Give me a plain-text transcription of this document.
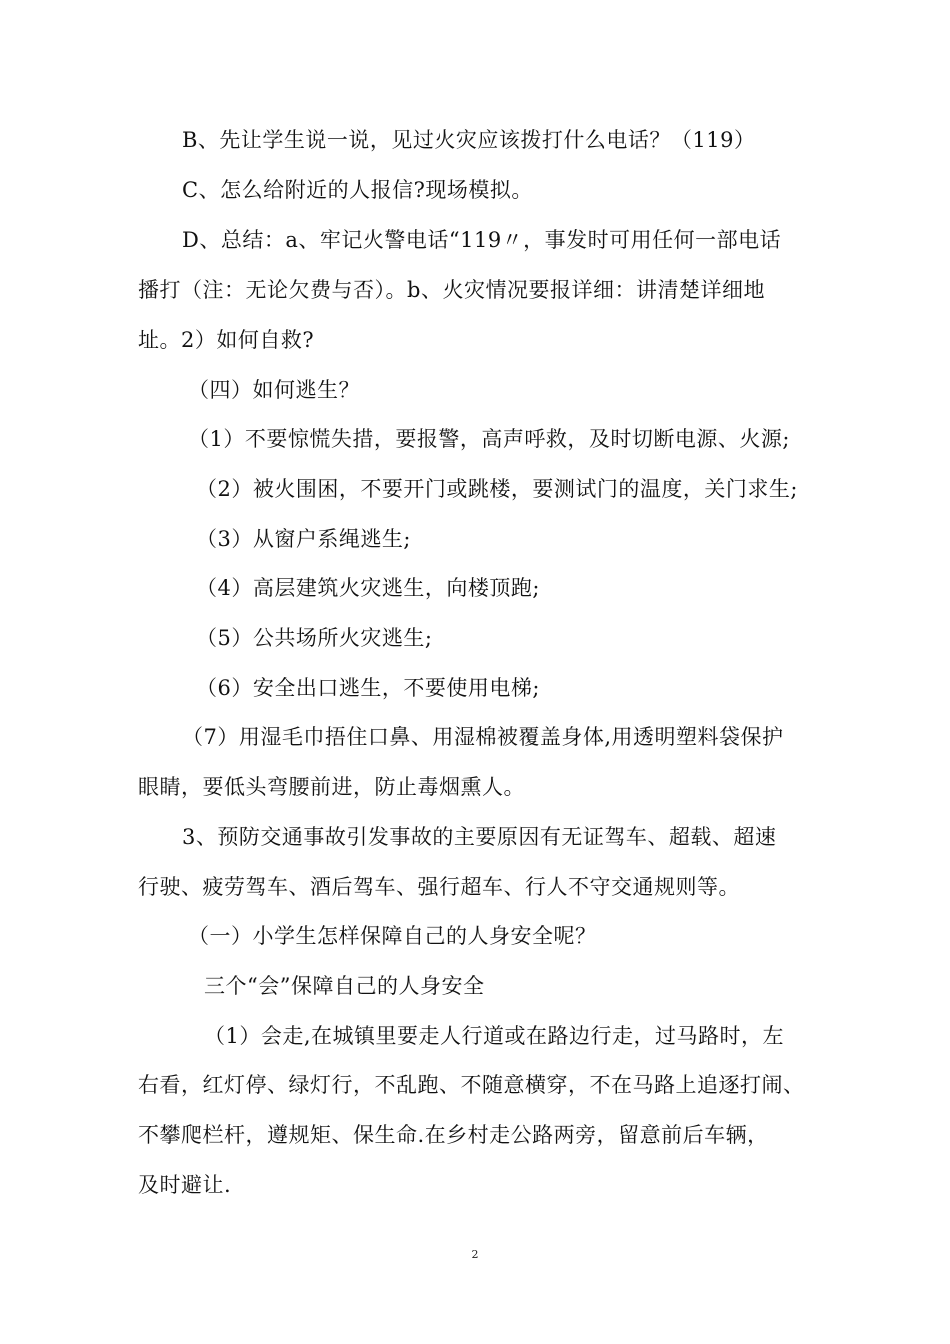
B、先让学生说一说，见过火灾应该拨打什么电话？（119）
C、怎么给附近的人报信?现场模拟。
D、总结：a、牢记火警电话“119〃，事发时可用任何一部电话
播打（注：无论欠费与否）。b、火灾情况要报详细：讲清楚详细地
址。2）如何自救?
（四）如何逃生？
（1）不要惊慌失措，要报警，高声呼救，及时切断电源、火源;
（2）被火围困，不要开门或跳楼，要测试门的温度，关门求生;
（3）从窗户系绳逃生;
（4）高层建筑火灾逃生，向楼顶跑;
（5）公共场所火灾逃生;
（6）安全出口逃生，不要使用电梯;
（7）用湿毛巾捂住口鼻、用湿棉被覆盖身体,用透明塑料袋保护
眼睛，要低头弯腰前进，防止毒烟熏人。
3、预防交通事故引发事故的主要原因有无证驾车、超载、超速
行驶、疲劳驾车、酒后驾车、强行超车、行人不守交通规则等。
（一）小学生怎样保障自己的人身安全呢？
三个“会”保障自己的人身安全
（1）会走,在城镇里要走人行道或在路边行走，过马路时，左
右看，红灯停、绿灯行，不乱跑、不随意横穿，不在马路上追逐打闹、
不攀爬栏杆，遵规矩、保生命.在乡村走公路两旁，留意前后车辆，
及时避让.
2
